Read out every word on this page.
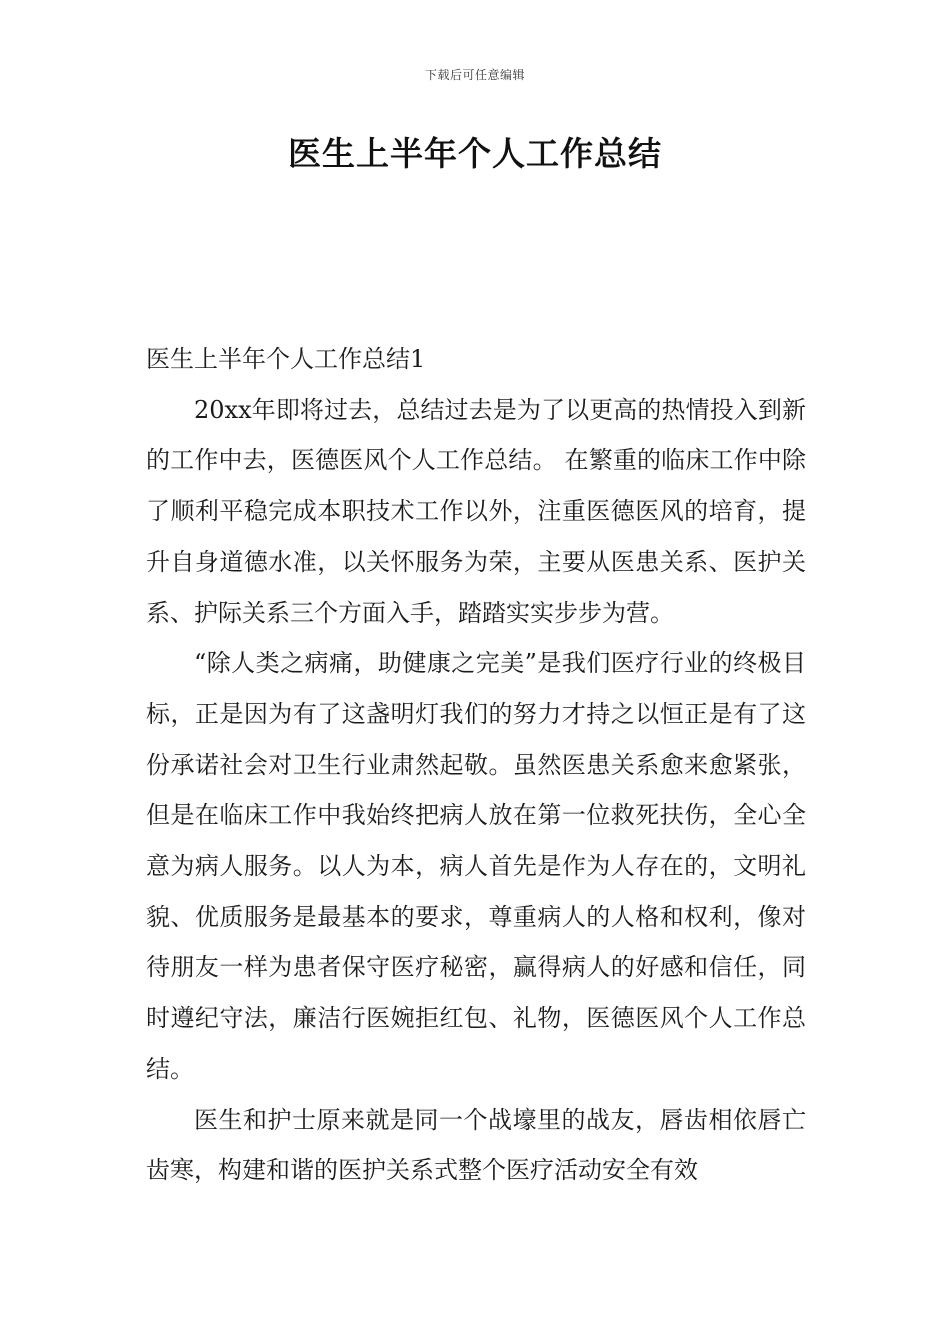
下载后可任意编辑
医生上半年个人工作总结

医生上半年个人工作总结1

20xx年即将过去，总结过去是为了以更高的热情投入到新的工作中去，医德医风个人工作总结。 在繁重的临床工作中除了顺利平稳完成本职技术工作以外，注重医德医风的培育，提升自身道德水准，以关怀服务为荣，主要从医患关系、医护关系、护际关系三个方面入手，踏踏实实步步为营。

“除人类之病痛，助健康之完美”是我们医疗行业的终极目标，正是因为有了这盏明灯我们的努力才持之以恒正是有了这份承诺社会对卫生行业肃然起敬。虽然医患关系愈来愈紧张，但是在临床工作中我始终把病人放在第一位救死扶伤，全心全意为病人服务。以人为本，病人首先是作为人存在的，文明礼貌、优质服务是最基本的要求，尊重病人的人格和权利，像对待朋友一样为患者保守医疗秘密，赢得病人的好感和信任，同时遵纪守法，廉洁行医婉拒红包、礼物，医德医风个人工作总结。

医生和护士原来就是同一个战壕里的战友，唇齿相依唇亡齿寒，构建和谐的医护关系式整个医疗活动安全有效
